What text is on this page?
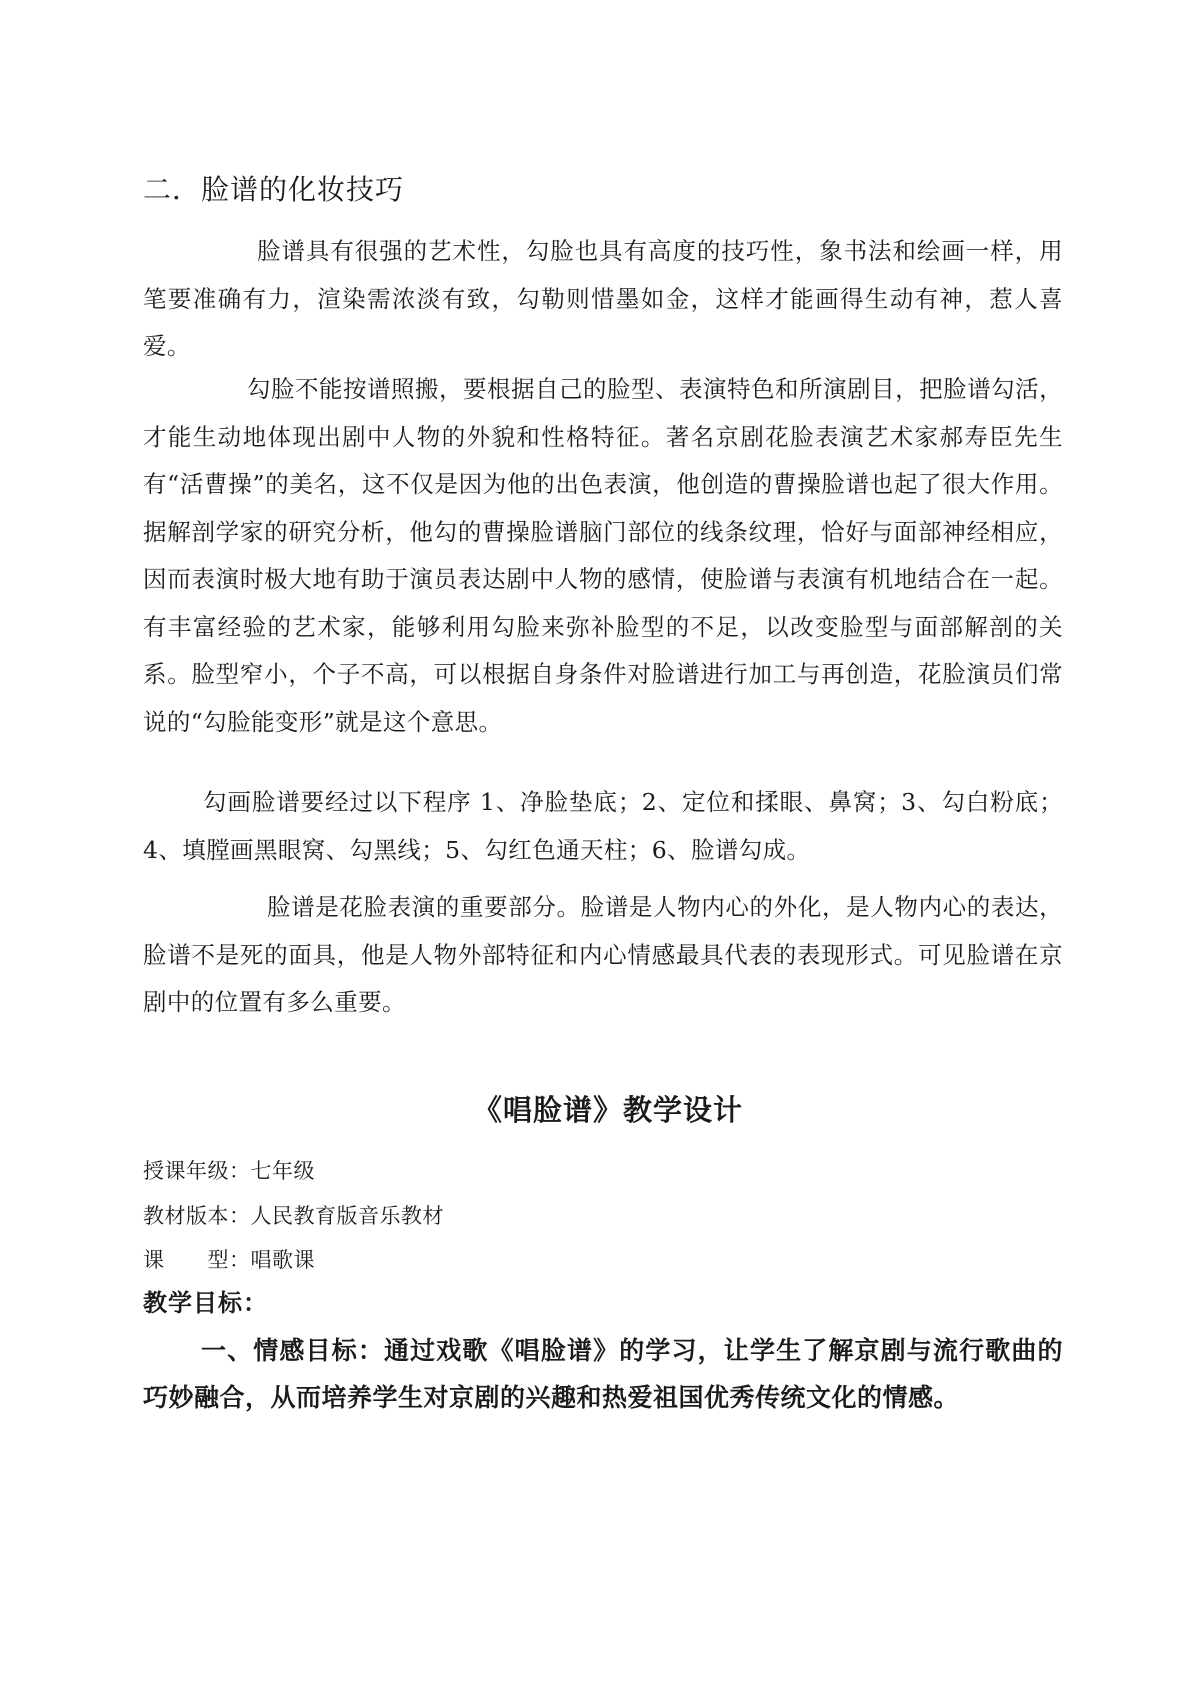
二．脸谱的化妆技巧

脸谱具有很强的艺术性，勾脸也具有高度的技巧性，象书法和绘画一样，用笔要准确有力，渲染需浓淡有致，勾勒则惜墨如金，这样才能画得生动有神，惹人喜爱。

勾脸不能按谱照搬，要根据自己的脸型、表演特色和所演剧目，把脸谱勾活，才能生动地体现出剧中人物的外貌和性格特征。著名京剧花脸表演艺术家郝寿臣先生有“活曹操”的美名，这不仅是因为他的出色表演，他创造的曹操脸谱也起了很大作用。据解剖学家的研究分析，他勾的曹操脸谱脑门部位的线条纹理，恰好与面部神经相应，因而表演时极大地有助于演员表达剧中人物的感情，使脸谱与表演有机地结合在一起。有丰富经验的艺术家，能够利用勾脸来弥补脸型的不足，以改变脸型与面部解剖的关系。脸型窄小，个子不高，可以根据自身条件对脸谱进行加工与再创造，花脸演员们常说的“勾脸能变形”就是这个意思。

勾画脸谱要经过以下程序 1、净脸垫底；2、定位和揉眼、鼻窝；3、勾白粉底；4、填膛画黑眼窝、勾黑线；5、勾红色通天柱；6、脸谱勾成。

脸谱是花脸表演的重要部分。脸谱是人物内心的外化，是人物内心的表达，脸谱不是死的面具，他是人物外部特征和内心情感最具代表的表现形式。可见脸谱在京剧中的位置有多么重要。

《唱脸谱》教学设计

授课年级：七年级

教材版本：人民教育版音乐教材

课　　型：唱歌课

教学目标：

一、情感目标：通过戏歌《唱脸谱》的学习，让学生了解京剧与流行歌曲的巧妙融合，从而培养学生对京剧的兴趣和热爱祖国优秀传统文化的情感。
